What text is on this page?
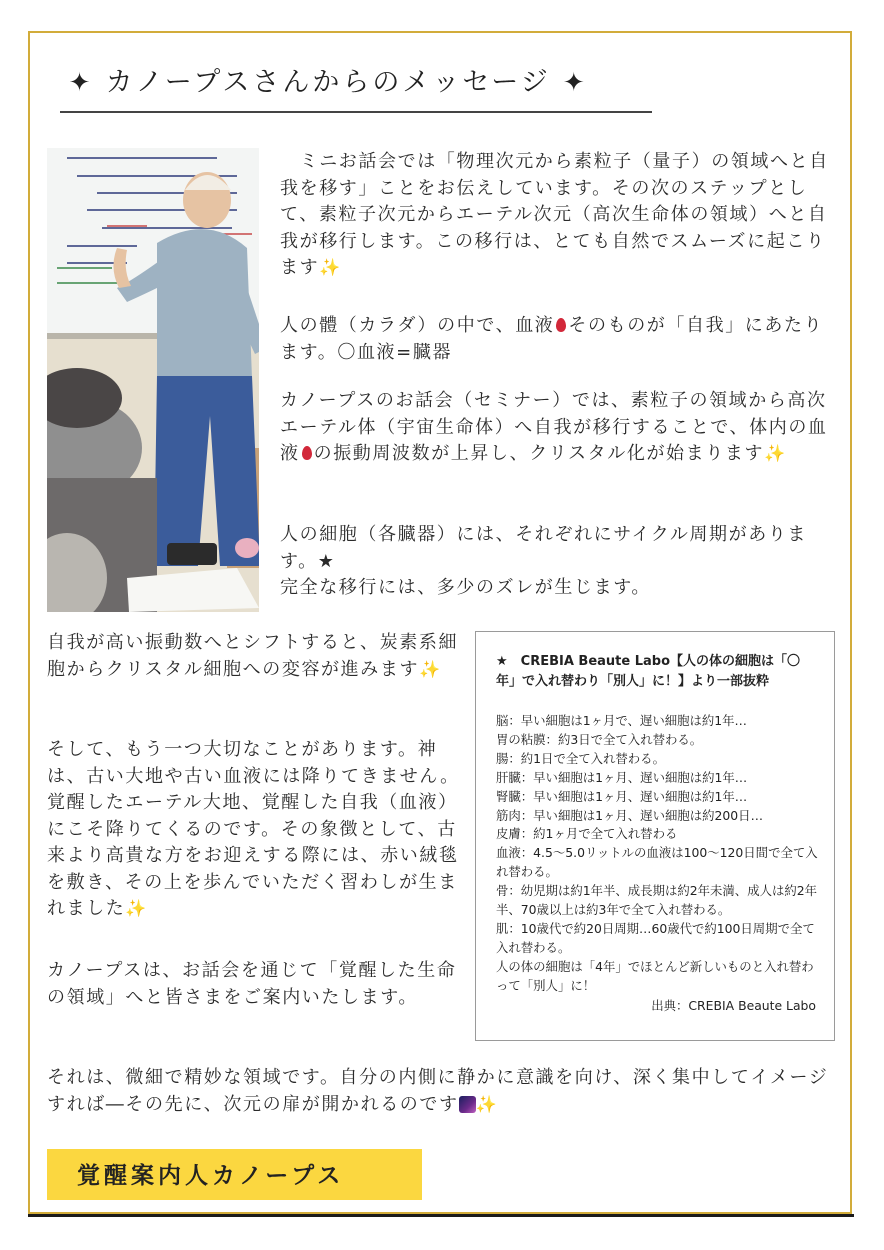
✦ カノープスさんからのメッセージ ✦

　ミニお話会では「物理次元から素粒子（量子）の領域へと自我を移す」ことをお伝えしています。その次のステップとして、素粒子次元からエーテル次元（高次生命体の領域）へと自我が移行します。この移行は、とても自然でスムーズに起こります✨

人の體（カラダ）の中で、血液 そのものが「自我」にあたります。〇血液=臓器

カノープスのお話会（セミナー）では、素粒子の領域から高次エーテル体（宇宙生命体）へ自我が移行することで、体内の血液 の振動周波数が上昇し、クリスタル化が始まります✨

人の細胞（各臓器）には、それぞれにサイクル周期があります。★
完全な移行には、多少のズレが生じます。

自我が高い振動数へとシフトすると、炭素系細胞からクリスタル細胞への変容が進みます✨

そして、もう一つ大切なことがあります。神は、古い大地や古い血液には降りてきません。覚醒したエーテル大地、覚醒した自我（血液）にこそ降りてくるのです。その象徴として、古来より高貴な方をお迎えする際には、赤い絨毯を敷き、その上を歩んでいただく習わしが生まれました✨

カノープスは、お話会を通じて「覚醒した生命の領域」へと皆さまをご案内いたします。

★　CREBIA Beaute Labo【人の体の細胞は「〇年」で入れ替わり「別人」に！】より一部抜粋

脳：早い細胞は1ヶ月で、遅い細胞は約1年…
胃の粘膜：約3日で全て入れ替わる。
腸：約1日で全て入れ替わる。
肝臓：早い細胞は1ヶ月、遅い細胞は約1年…
腎臓：早い細胞は1ヶ月、遅い細胞は約1年…
筋肉：早い細胞は1ヶ月、遅い細胞は約200日…
皮膚：約1ヶ月で全て入れ替わる
血液：4.5～5.0リットルの血液は100～120日間で全て入れ替わる。
骨：幼児期は約1年半、成長期は約2年未満、成人は約2年半、70歳以上は約3年で全て入れ替わる。
肌：10歳代で約20日周期…60歳代で約100日周期で全て入れ替わる。
人の体の細胞は「4年」でほとんど新しいものと入れ替わって「別人」に！
出典：CREBIA Beaute Labo

それは、微細で精妙な領域です。自分の内側に静かに意識を向け、深く集中してイメージすれば―その先に、次元の扉が開かれるのです ✨

覚醒案内人カノープス
